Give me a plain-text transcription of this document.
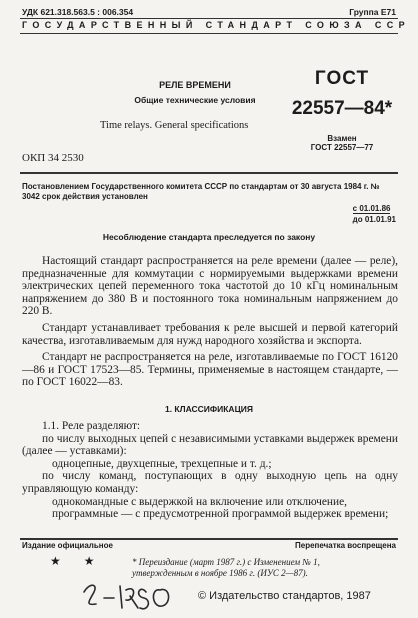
УДК 621.318.563.5 : 006.354	Группа Е71
ГОСУДАРСТВЕННЫЙ СТАНДАРТ СОЮЗА ССР
РЕЛЕ ВРЕМЕНИ
Общие технические условия
Time relays. General specifications
ГОСТ
22557—84*
Взамен
ГОСТ 22557—77
ОКП 34 2530
Постановлением Государственного комитета СССР по стандартам от 30 августа 1984 г. № 3042 срок действия установлен
с 01.01.86
до 01.01.91
Несоблюдение стандарта преследуется по закону

Настоящий стандарт распространяется на реле времени (далее — реле), предназначенные для коммутации с нормируемыми выдержками времени электрических цепей переменного тока частотой до 10 кГц номинальным напряжением до 380 В и постоянного тока номинальным напряжением до 220 В.

Стандарт устанавливает требования к реле высшей и первой категорий качества, изготавливаемым для нужд народного хозяйства и экспорта.

Стандарт не распространяется на реле, изготавливаемые по ГОСТ 16120—86 и ГОСТ 17523—85. Термины, применяемые в настоящем стандарте, — по ГОСТ 16022—83.

1. КЛАССИФИКАЦИЯ

1.1. Реле разделяют:

по числу выходных цепей с независимыми уставками выдержек времени (далее — уставками):

одноцепные, двухцепные, трехцепные и т. д.;

по числу команд, поступающих в одну выходную цепь на одну управляющую команду:

однокомандные с выдержкой на включение или отключение,

программные — с предусмотренной программой выдержек времени;

Издание официальное	Перепечатка воспрещена
★ ★	* Переиздание (март 1987 г.) с Изменением № 1,
утвержденным в ноябре 1986 г. (ИУС 2—87).
© Издательство стандартов, 1987
